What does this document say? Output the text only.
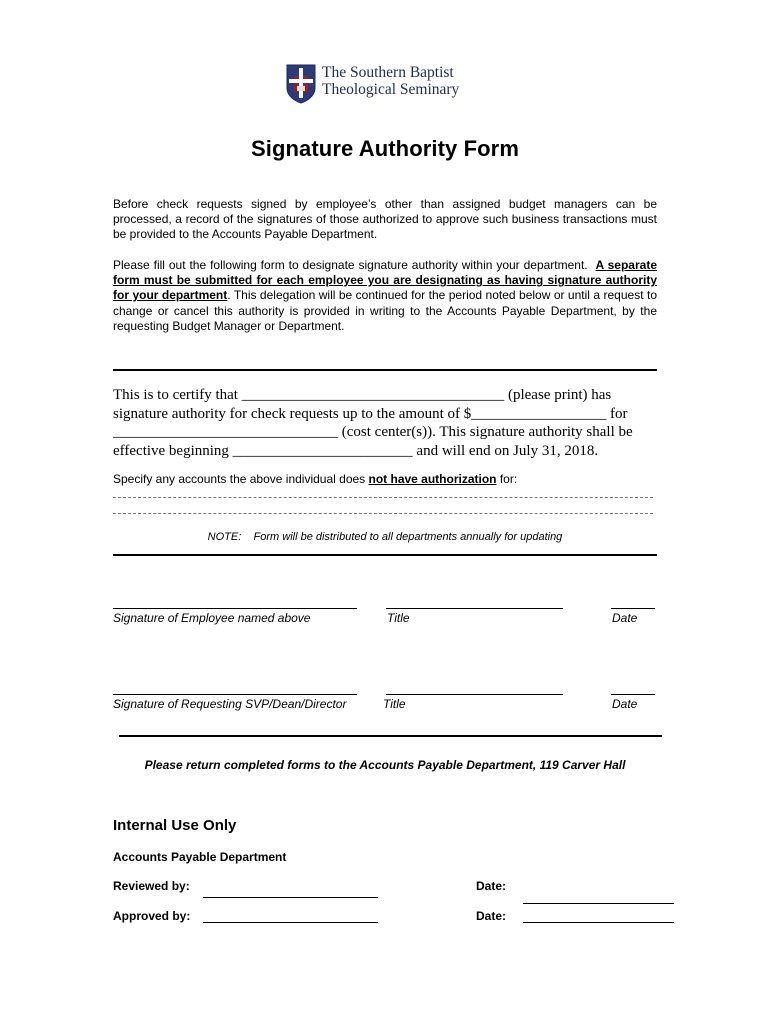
The Southern Baptist
Theological Seminary
Signature Authority Form
Before check requests signed by employee’s other than assigned budget managers can be processed, a record of the signatures of those authorized to approve such business transactions must be provided to the Accounts Payable Department.
Please fill out the following form to designate signature authority within your department. A separate form must be submitted for each employee you are designating as having signature authority for your department. This delegation will be continued for the period noted below or until a request to change or cancel this authority is provided in writing to the Accounts Payable Department, by the requesting Budget Manager or Department.
This is to certify that ___________________________________ (please print) has
signature authority for check requests up to the amount of $__________________ for
______________________________ (cost center(s)). This signature authority shall be
effective beginning ________________________ and will end on July 31, 2018.
Specify any accounts the above individual does not have authorization for:
NOTE: Form will be distributed to all departments annually for updating
Signature of Employee named above	Title	Date
Signature of Requesting SVP/Dean/Director	Title	Date
Please return completed forms to the Accounts Payable Department, 119 Carver Hall
Internal Use Only
Accounts Payable Department
Reviewed by:	Date:
Approved by:	Date:
